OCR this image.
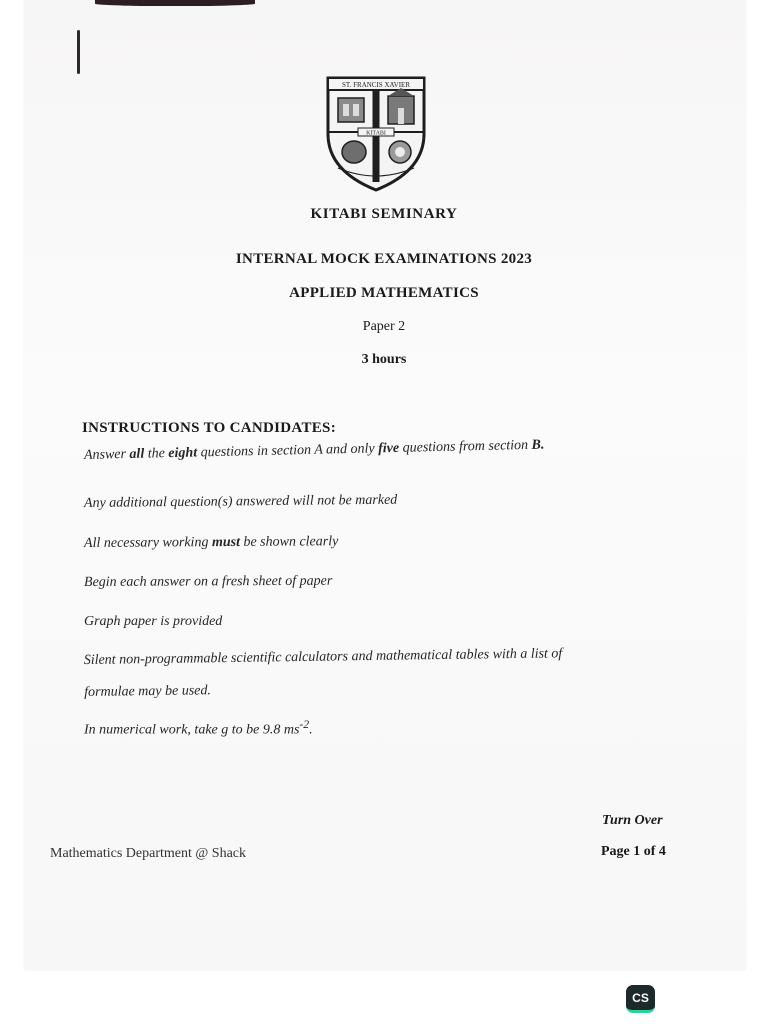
ST. FRANCIS XAVIER
KITABI
KITABI SEMINARY
INTERNAL MOCK EXAMINATIONS 2023
APPLIED MATHEMATICS
Paper 2
3 hours
INSTRUCTIONS TO CANDIDATES:
Answer all the eight questions in section A and only five questions from section B.
Any additional question(s) answered will not be marked
All necessary working must be shown clearly
Begin each answer on a fresh sheet of paper
Graph paper is provided
Silent non-programmable scientific calculators and mathematical tables with a list of
formulae may be used.
In numerical work, take g to be 9.8 $ms^{-2}$.
Turn Over
Mathematics Department @ Shack	Page 1 of 4
CS
